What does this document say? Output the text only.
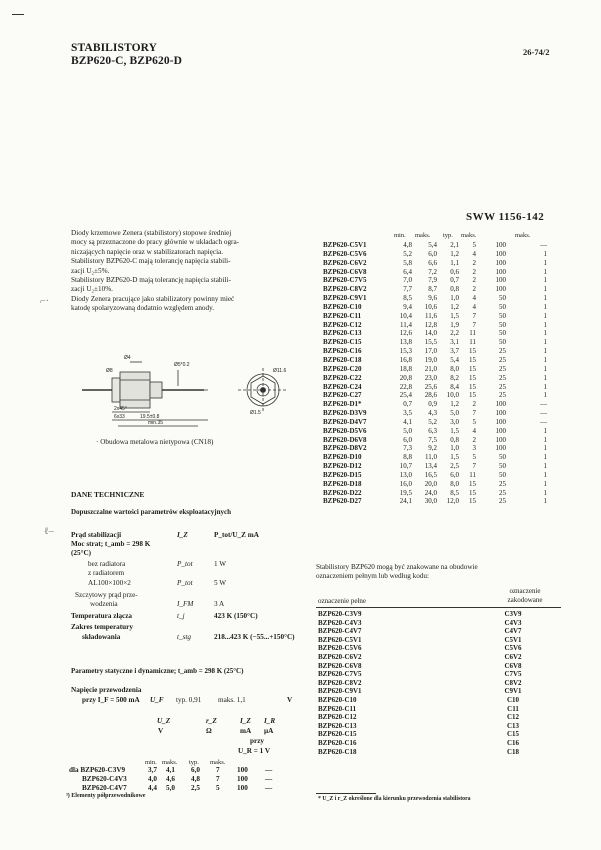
STABILISTORY
BZP620-C, BZP620-D
26-74/2
SWW 1156-142
Diody krzemowe Zenera (stabilistory) stopowe średniej
mocy są przeznaczone do pracy głównie w układach ogra-
niczających napięcie oraz w stabilizatorach napięcia.
Stabilistory BZP620-C mają tolerancję napięcia stabili-
zacji U₂±5%.
Stabilistory BZP620-D mają tolerancję napięcia stabili-
zacji U₂±10%.
Diody Zenera pracujące jako stabilizatory powinny mieć
katodę spolaryzowaną dodatnio względem anody.
⌐·
Ø4
Ø8
Ø5*0.2
2x45°
6x33	19.5±0.8
min.35
Ø11.6
Ø1.5
· Obudowa metalowa nietypowa (CN18)
DANE TECHNICZNE
Dopuszczalne wartości parametrów eksploatacyjnych
ℓ– Prąd stabilizacji	I_Z	P_tot/U_Z mA
Moc strat; t_amb = 298 K
(25°C)
bez radiatora	P_tot	1 W
z radiatorem
AL100×100×2	P_tot	5 W
Szczytowy prąd prze-
wodzenia	I_FM	3 A
Temperatura złącza	t_j	423 K (150°C)
Zakres temperatury
składowania	t_stg	218...423 K (−55...+150°C)
Parametry statyczne i dynamiczne; t_amb = 298 K (25°C)
Napięcie przewodzenia
przy I_F = 500 mA U_F typ. 0,91 maks. 1,1	V
U_Z	r_Z	I_Z I_R
V	Ω	mA µA
przy
U_R = 1 V
min. maks. typ. maks.
dla BZP620-C3V9	3,7 4,1 6,0 7 100 —
BZP620-C4V3	4,0 4,6 4,8 7 100 —
BZP620-C4V7	4,4 5,0 2,5 5 100 —
³) Elementy półprzewodnikowe
min. maks. typ. maks.	maks.
BZP620-C5V1	4,8	5,4	2,1	5	100	—
BZP620-C5V6	5,2	6,0	1,2	4	100	1
BZP620-C6V2	5,8	6,6	1,1	2	100	1
BZP620-C6V8	6,4	7,2	0,6	2	100	1
BZP620-C7V5	7,0	7,9	0,7	2	100	1
BZP620-C8V2	7,7	8,7	0,8	2	100	1
BZP620-C9V1	8,5	9,6	1,0	4	50	1
BZP620-C10	9,4	10,6	1,2	4	50	1
BZP620-C11	10,4	11,6	1,5	7	50	1
BZP620-C12	11,4	12,8	1,9	7	50	1
BZP620-C13	12,6	14,0	2,2	11	50	1
BZP620-C15	13,8	15,5	3,1	11	50	1
BZP620-C16	15,3	17,0	3,7	15	25	1
BZP620-C18	16,8	19,0	5,4	15	25	1
BZP620-C20	18,8	21,0	8,0	15	25	1
BZP620-C22	20,8	23,0	8,2	15	25	1
BZP620-C24	22,8	25,6	8,4	15	25	1
BZP620-C27	25,4	28,6	10,0	15	25	1
BZP620-D1*	0,7	0,9	1,2	2	100	—
BZP620-D3V9	3,5	4,3	5,0	7	100	—
BZP620-D4V7	4,1	5,2	3,0	5	100	—
BZP620-D5V6	5,0	6,3	1,5	4	100	1
BZP620-D6V8	6,0	7,5	0,8	2	100	1
BZP620-D8V2	7,3	9,2	1,0	3	100	1
BZP620-D10	8,8	11,0	1,5	5	50	1
BZP620-D12	10,7	13,4	2,5	7	50	1
BZP620-D15	13,0	16,5	6,0	11	50	1
BZP620-D18	16,0	20,0	8,0	15	25	1
BZP620-D22	19,5	24,0	8,5	15	25	1
BZP620-D27	24,1	30,0	12,0	15	25	1
Stabilistory BZP620 mogą być znakowane na obudowie
oznaczeniem pełnym lub według kodu:
oznaczenie
zakodowane
oznaczenie pełne
BZP620-C3V9	C3V9
BZP620-C4V3	C4V3
BZP620-C4V7	C4V7
BZP620-C5V1	C5V1
BZP620-C5V6	C5V6
BZP620-C6V2	C6V2
BZP620-C6V8	C6V8
BZP620-C7V5	C7V5
BZP620-C8V2	C8V2
BZP620-C9V1	C9V1
BZP620-C10	C10
BZP620-C11	C11
BZP620-C12	C12
BZP620-C13	C13
BZP620-C15	C15
BZP620-C16	C16
BZP620-C18	C18
* U_Z i r_Z określone dla kierunku przewodzenia stabilistora
